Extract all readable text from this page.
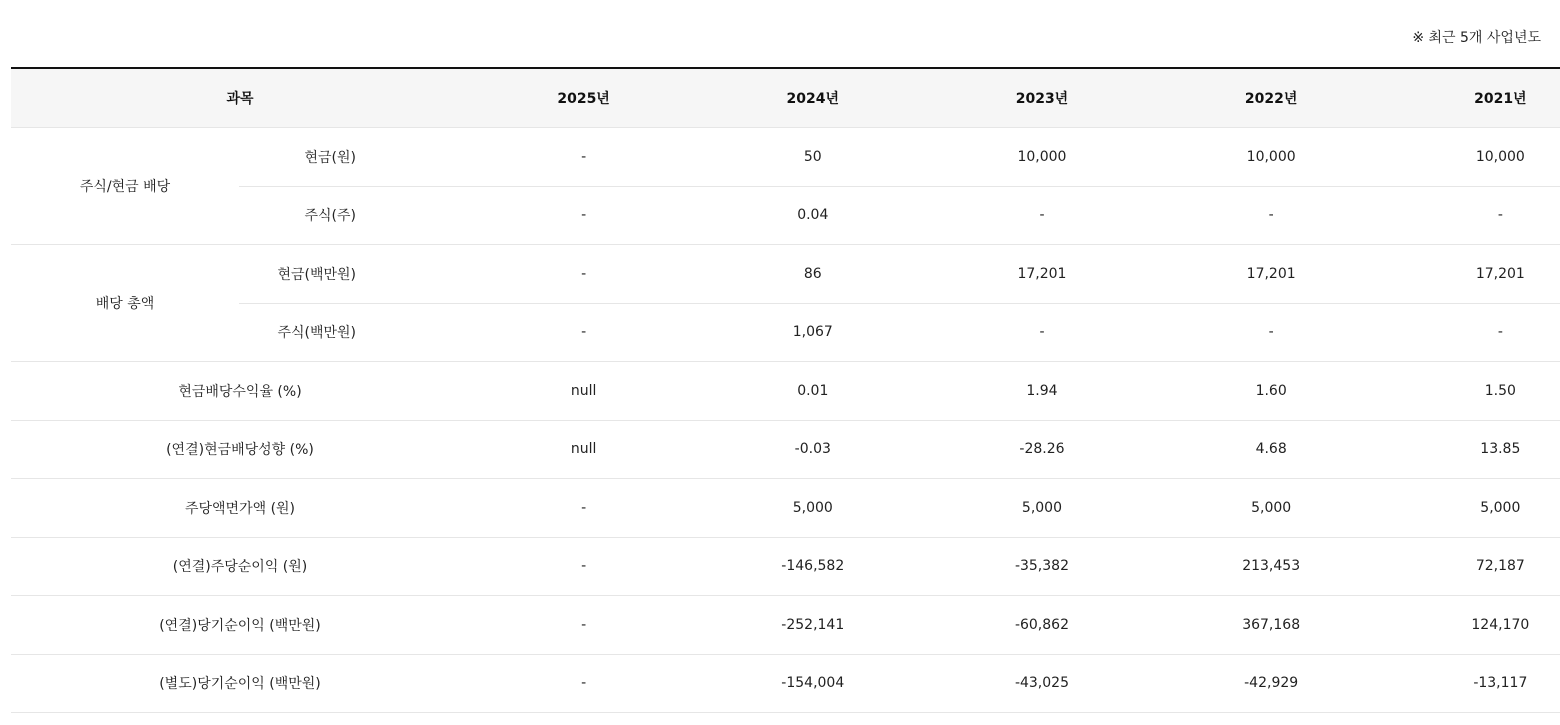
※ 최근 5개 사업년도
과목		2025년	2024년	2023년	2022년	2021년
주식/현금 배당	현금(원)	-	50	10,000	10,000	10,000
	주식(주)	-	0.04	-	-	-
배당 총액	현금(백만원)	-	86	17,201	17,201	17,201
	주식(백만원)	-	1,067	-	-	-
현금배당수익율 (%)		null	0.01	1.94	1.60	1.50
(연결)현금배당성향 (%)		null	-0.03	-28.26	4.68	13.85
주당액면가액 (원)		-	5,000	5,000	5,000	5,000
(연결)주당순이익 (원)		-	-146,582	-35,382	213,453	72,187
(연결)당기순이익 (백만원)		-	-252,141	-60,862	367,168	124,170
(별도)당기순이익 (백만원)		-	-154,004	-43,025	-42,929	-13,117
